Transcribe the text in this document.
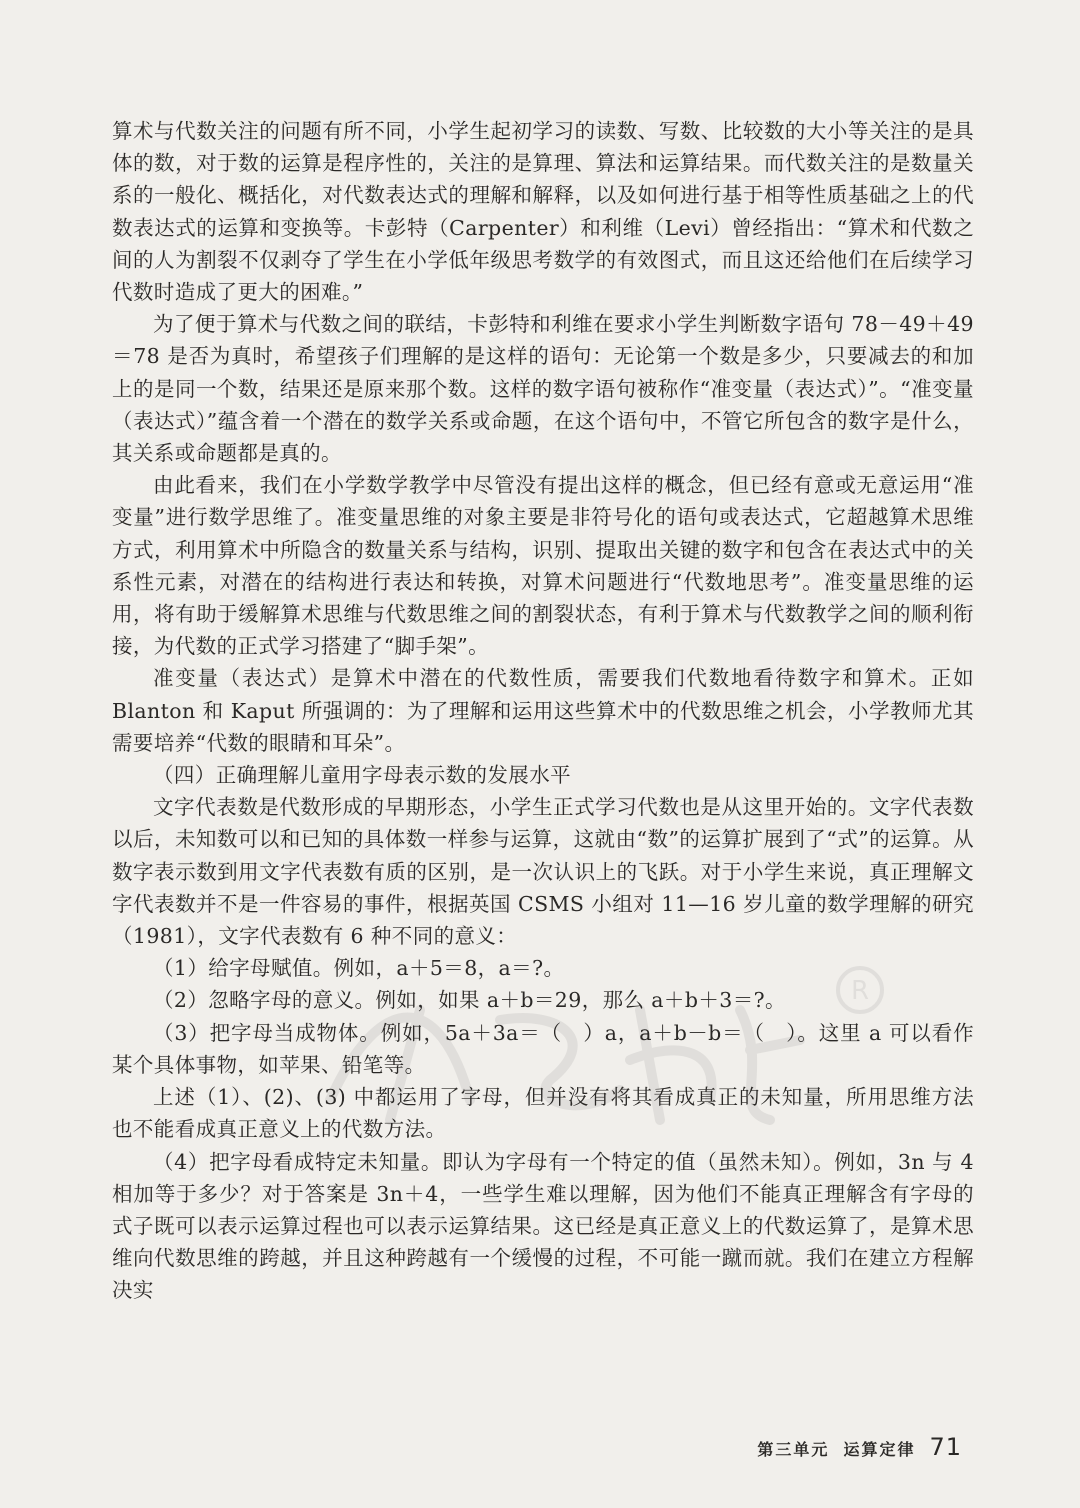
R

算术与代数关注的问题有所不同，小学生起初学习的读数、写数、比较数的大小等关注的是具体的数，对于数的运算是程序性的，关注的是算理、算法和运算结果。而代数关注的是数量关系的一般化、概括化，对代数表达式的理解和解释，以及如何进行基于相等性质基础之上的代数表达式的运算和变换等。卡彭特（Carpenter）和利维（Levi）曾经指出：“算术和代数之间的人为割裂不仅剥夺了学生在小学低年级思考数学的有效图式，而且这还给他们在后续学习代数时造成了更大的困难。”

为了便于算术与代数之间的联结，卡彭特和利维在要求小学生判断数字语句 78－49＋49＝78 是否为真时，希望孩子们理解的是这样的语句：无论第一个数是多少，只要减去的和加上的是同一个数，结果还是原来那个数。这样的数字语句被称作“准变量（表达式）”。“准变量（表达式）”蕴含着一个潜在的数学关系或命题，在这个语句中，不管它所包含的数字是什么，其关系或命题都是真的。

由此看来，我们在小学数学教学中尽管没有提出这样的概念，但已经有意或无意运用“准变量”进行数学思维了。准变量思维的对象主要是非符号化的语句或表达式，它超越算术思维方式，利用算术中所隐含的数量关系与结构，识别、提取出关键的数字和包含在表达式中的关系性元素，对潜在的结构进行表达和转换，对算术问题进行“代数地思考”。准变量思维的运用，将有助于缓解算术思维与代数思维之间的割裂状态，有利于算术与代数教学之间的顺利衔接，为代数的正式学习搭建了“脚手架”。

准变量（表达式）是算术中潜在的代数性质，需要我们代数地看待数字和算术。正如 Blanton 和 Kaput 所强调的：为了理解和运用这些算术中的代数思维之机会，小学教师尤其需要培养“代数的眼睛和耳朵”。

（四）正确理解儿童用字母表示数的发展水平

文字代表数是代数形成的早期形态，小学生正式学习代数也是从这里开始的。文字代表数以后，未知数可以和已知的具体数一样参与运算，这就由“数”的运算扩展到了“式”的运算。从数字表示数到用文字代表数有质的区别，是一次认识上的飞跃。对于小学生来说，真正理解文字代表数并不是一件容易的事件，根据英国 CSMS 小组对 11—16 岁儿童的数学理解的研究（1981），文字代表数有 6 种不同的意义：

（1）给字母赋值。例如，a＋5＝8，a＝?。

（2）忽略字母的意义。例如，如果 a＋b＝29，那么 a＋b＋3＝?。

（3）把字母当成物体。例如，5a＋3a＝（　）a，a＋b－b＝（　）。这里 a 可以看作某个具体事物，如苹果、铅笔等。

上述（1）、(2)、(3) 中都运用了字母，但并没有将其看成真正的未知量，所用思维方法也不能看成真正意义上的代数方法。

（4）把字母看成特定未知量。即认为字母有一个特定的值（虽然未知）。例如，3n 与 4 相加等于多少？对于答案是 3n＋4，一些学生难以理解，因为他们不能真正理解含有字母的式子既可以表示运算过程也可以表示运算结果。这已经是真正意义上的代数运算了，是算术思维向代数思维的跨越，并且这种跨越有一个缓慢的过程，不可能一蹴而就。我们在建立方程解决实

第三单元 运算定律 71
